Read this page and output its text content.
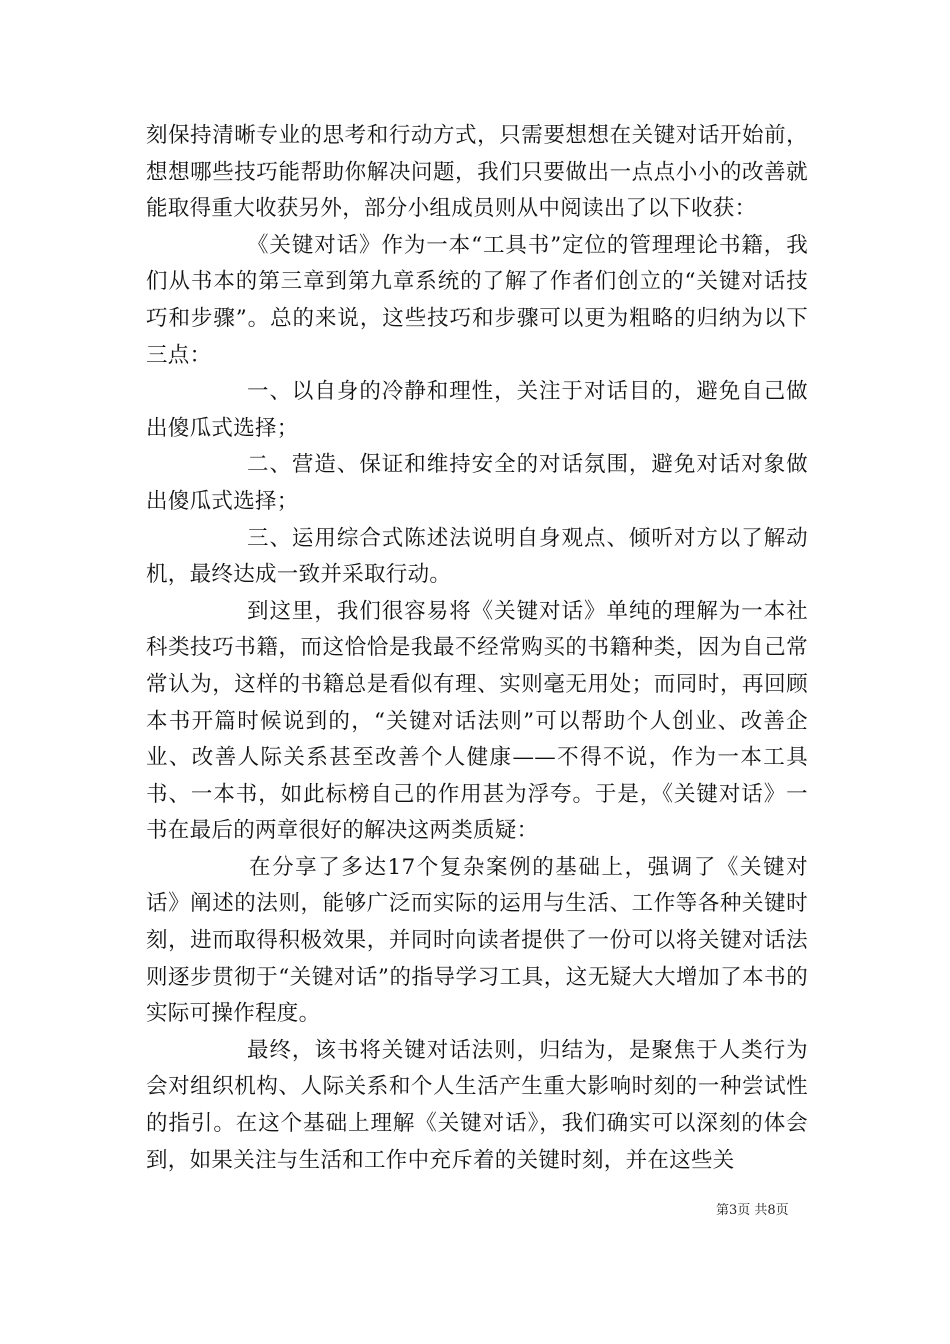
刻保持清晰专业的思考和行动方式，只需要想想在关键对话开始前，想想哪些技巧能帮助你解决问题，我们只要做出一点点小小的改善就能取得重大收获另外，部分小组成员则从中阅读出了以下收获：

《关键对话》作为一本“工具书”定位的管理理论书籍，我们从书本的第三章到第九章系统的了解了作者们创立的“关键对话技巧和步骤”。总的来说，这些技巧和步骤可以更为粗略的归纳为以下三点：

一、以自身的冷静和理性，关注于对话目的，避免自己做出傻瓜式选择；

二、营造、保证和维持安全的对话氛围，避免对话对象做出傻瓜式选择；

三、运用综合式陈述法说明自身观点、倾听对方以了解动机，最终达成一致并采取行动。

到这里，我们很容易将《关键对话》单纯的理解为一本社科类技巧书籍，而这恰恰是我最不经常购买的书籍种类，因为自己常常认为，这样的书籍总是看似有理、实则毫无用处；而同时，再回顾本书开篇时候说到的，“关键对话法则”可以帮助个人创业、改善企业、改善人际关系甚至改善个人健康——不得不说，作为一本工具书、一本书，如此标榜自己的作用甚为浮夸。于是，《关键对话》一书在最后的两章很好的解决这两类质疑：

在分享了多达17个复杂案例的基础上，强调了《关键对话》阐述的法则，能够广泛而实际的运用与生活、工作等各种关键时刻，进而取得积极效果，并同时向读者提供了一份可以将关键对话法则逐步贯彻于“关键对话”的指导学习工具，这无疑大大增加了本书的实际可操作程度。

最终，该书将关键对话法则，归结为，是聚焦于人类行为会对组织机构、人际关系和个人生活产生重大影响时刻的一种尝试性的指引。在这个基础上理解《关键对话》，我们确实可以深刻的体会到，如果关注与生活和工作中充斥着的关键时刻，并在这些关

第3页 共8页
